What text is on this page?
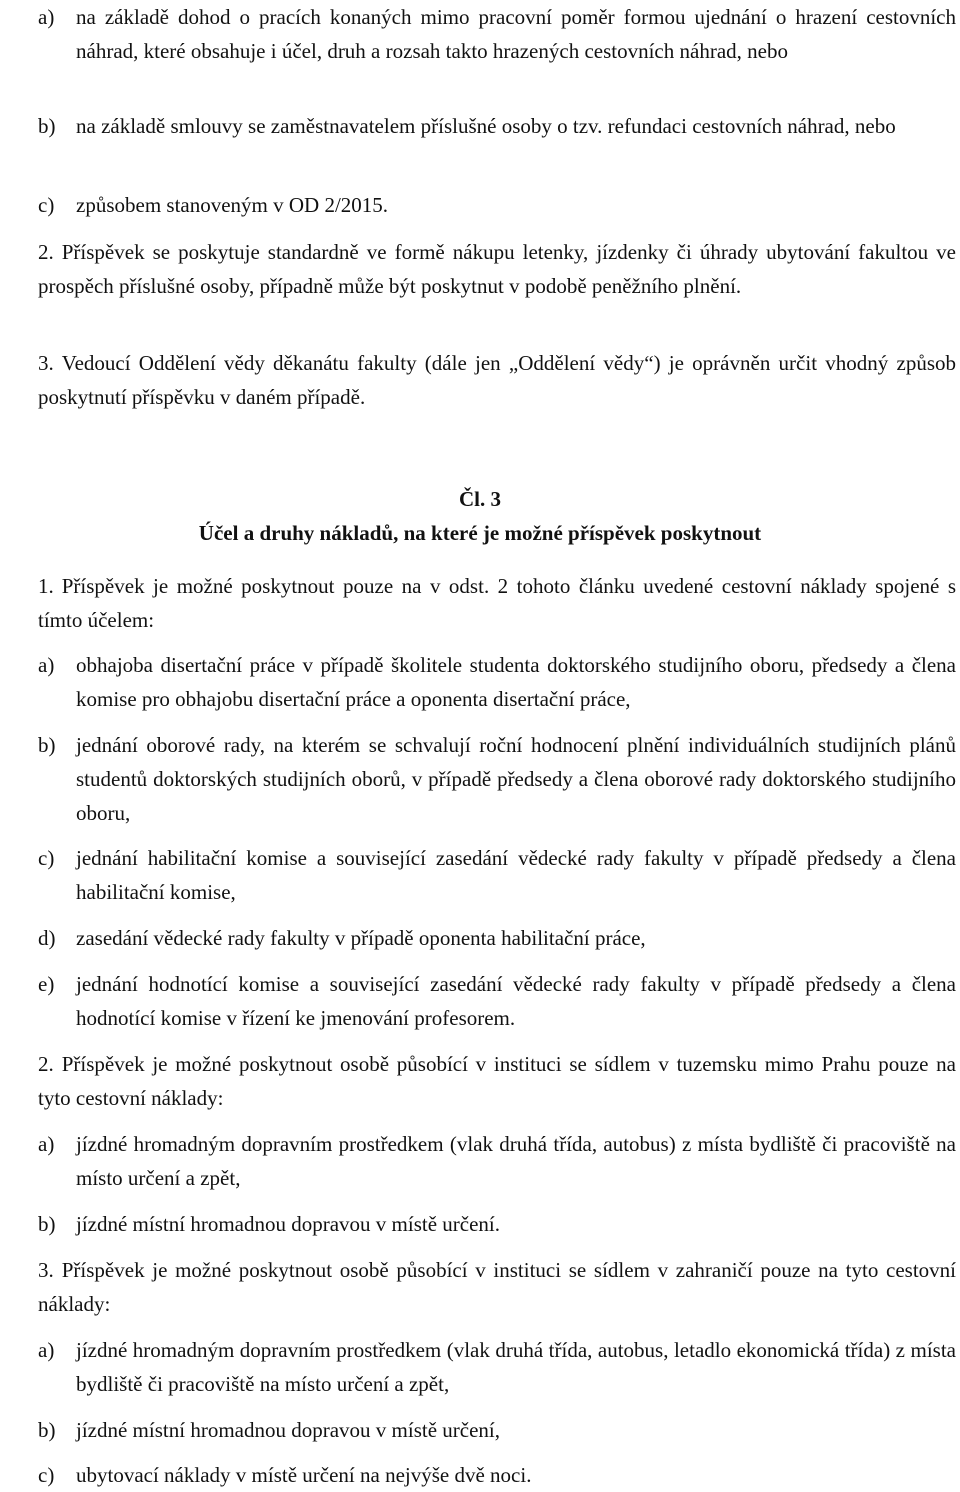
a) na základě dohod o pracích konaných mimo pracovní poměr formou ujednání o hrazení cestovních náhrad, které obsahuje i účel, druh a rozsah takto hrazených cestovních náhrad, nebo
b) na základě smlouvy se zaměstnavatelem příslušné osoby o tzv. refundaci cestovních náhrad, nebo
c) způsobem stanoveným v OD 2/2015.
2. Příspěvek se poskytuje standardně ve formě nákupu letenky, jízdenky či úhrady ubytování fakultou ve prospěch příslušné osoby, případně může být poskytnut v podobě peněžního plnění.
3. Vedoucí Oddělení vědy děkanátu fakulty (dále jen „Oddělení vědy“) je oprávněn určit vhodný způsob poskytnutí příspěvku v daném případě.
Čl. 3
Účel a druhy nákladů, na které je možné příspěvek poskytnout
1. Příspěvek je možné poskytnout pouze na v odst. 2 tohoto článku uvedené cestovní náklady spojené s tímto účelem:
a) obhajoba disertační práce v případě školitele studenta doktorského studijního oboru, předsedy a člena komise pro obhajobu disertační práce a oponenta disertační práce,
b) jednání oborové rady, na kterém se schvalují roční hodnocení plnění individuálních studijních plánů studentů doktorských studijních oborů, v případě předsedy a člena oborové rady doktorského studijního oboru,
c) jednání habilitační komise a související zasedání vědecké rady fakulty v případě předsedy a člena habilitační komise,
d) zasedání vědecké rady fakulty v případě oponenta habilitační práce,
e) jednání hodnotící komise a související zasedání vědecké rady fakulty v případě předsedy a člena hodnotící komise v řízení ke jmenování profesorem.
2. Příspěvek je možné poskytnout osobě působící v instituci se sídlem v tuzemsku mimo Prahu pouze na tyto cestovní náklady:
a) jízdné hromadným dopravním prostředkem (vlak druhá třída, autobus) z místa bydliště či pracoviště na místo určení a zpět,
b) jízdné místní hromadnou dopravou v místě určení.
3. Příspěvek je možné poskytnout osobě působící v instituci se sídlem v zahraničí pouze na tyto cestovní náklady:
a) jízdné hromadným dopravním prostředkem (vlak druhá třída, autobus, letadlo ekonomická třída) z místa bydliště či pracoviště na místo určení a zpět,
b) jízdné místní hromadnou dopravou v místě určení,
c) ubytovací náklady v místě určení na nejvýše dvě noci.
